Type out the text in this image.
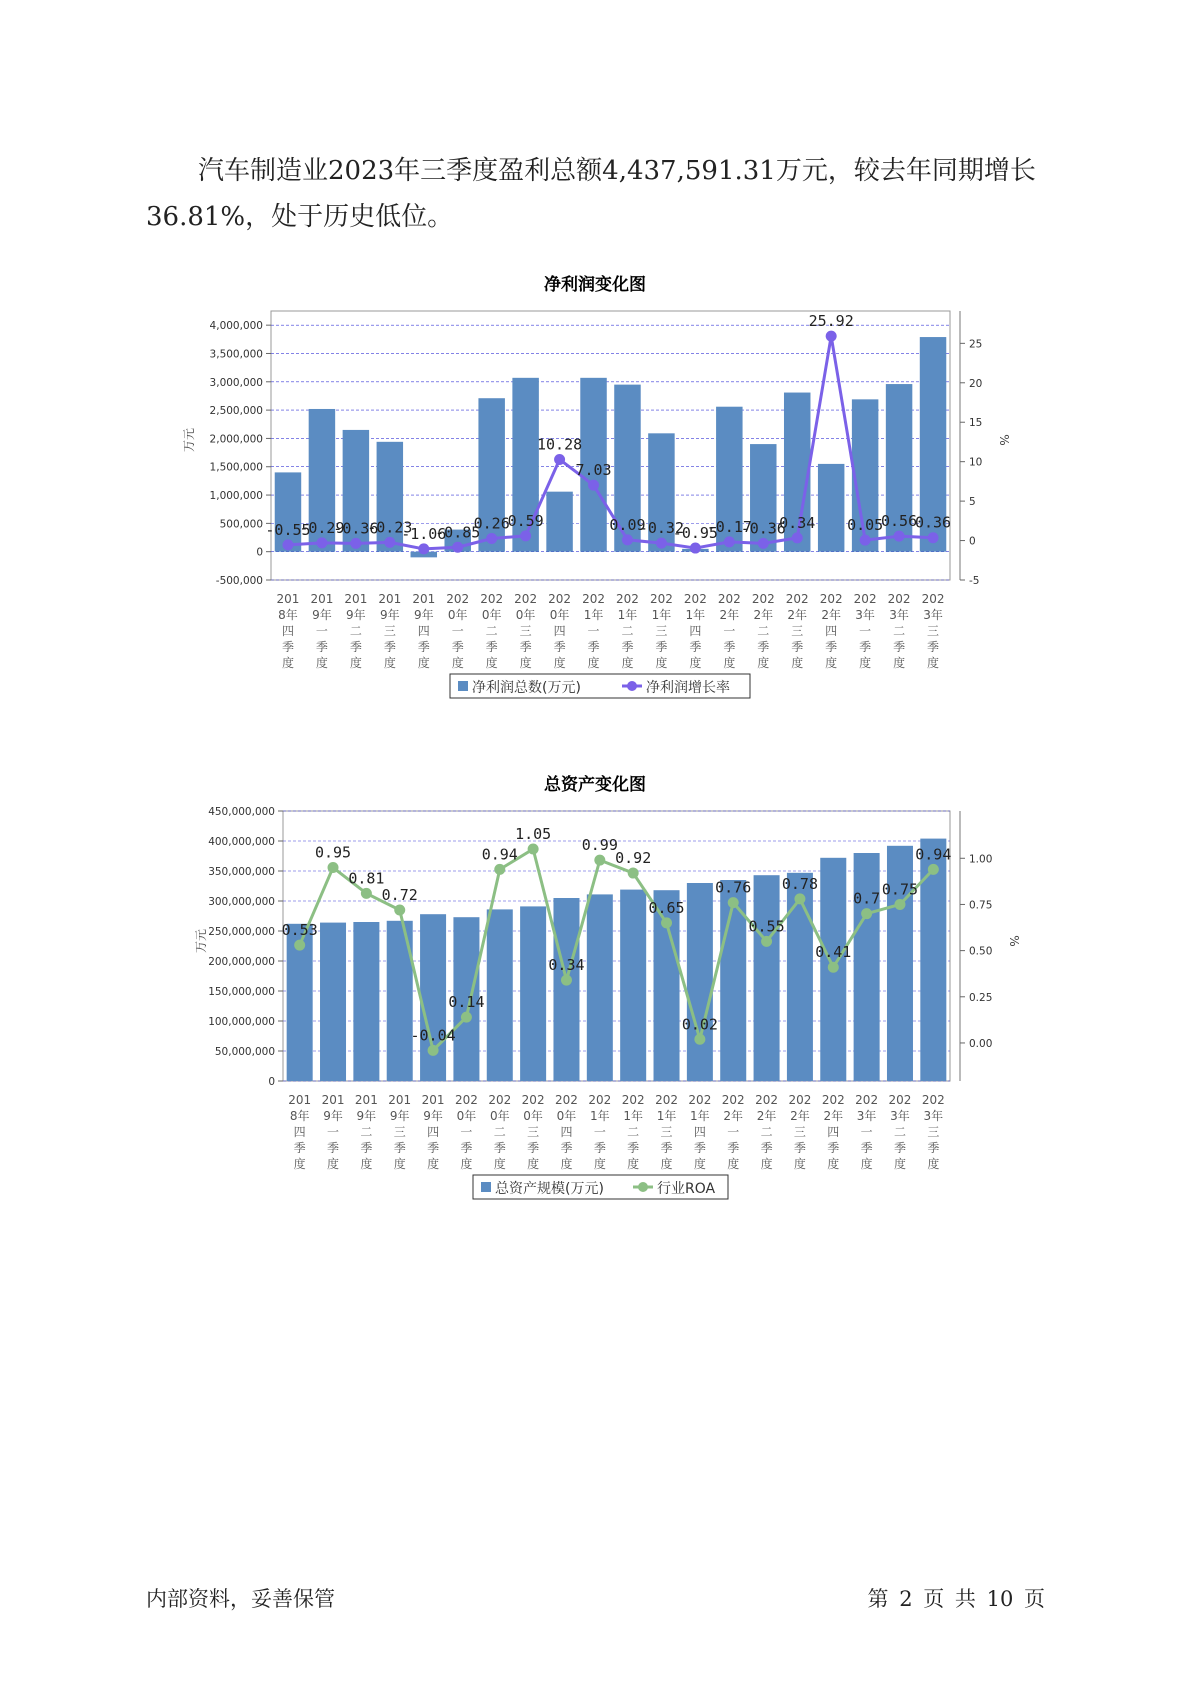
汽车制造业2023年三季度盈利总额4,437,591.31万元，较去年同期增长36.81%，处于历史低位。

净利润变化图
4,000,000
3,500,000
3,000,000
2,500,000
2,000,000
1,500,000
1,000,000
500,000
0
-500,000
25
20
15
10
5
0
-5
万元	%
-0.55
-0.29
-0.36
-0.23
-1.06
-0.85
0.26
0.59
10.28
7.03
0.09
-0.32
-0.95
-0.17
-0.36
0.34
25.92
0.05
0.56
0.36
201 8年四季度
201 9年一季度
201 9年二季度
201 9年三季度
201 9年四季度
202 0年一季度
202 0年二季度
202 0年三季度
202 0年四季度
202 1年一季度
202 1年二季度
202 1年三季度
202 1年四季度
202 2年一季度
202 2年二季度
202 2年三季度
202 2年四季度
202 3年一季度
202 3年二季度
202 3年三季度
净利润总数(万元)	净利润增长率
总资产变化图
450,000,000
400,000,000
350,000,000
300,000,000
250,000,000
200,000,000
150,000,000
100,000,000
50,000,000
0
1.00
0.75
0.50
0.25
0.00
万元	%
0.53
0.95
0.81
0.72
-0.04
0.14
0.94
1.05
0.34
0.99
0.92
0.65
0.02
0.76
0.55
0.78
0.41
0.7
0.75
0.94
201 8年四季度
201 9年一季度
201 9年二季度
201 9年三季度
201 9年四季度
202 0年一季度
202 0年二季度
202 0年三季度
202 0年四季度
202 1年一季度
202 1年二季度
202 1年三季度
202 1年四季度
202 2年一季度
202 2年二季度
202 2年三季度
202 2年四季度
202 3年一季度
202 3年二季度
202 3年三季度
总资产规模(万元)	行业ROA
内部资料，妥善保管	第 2 页 共 10 页
